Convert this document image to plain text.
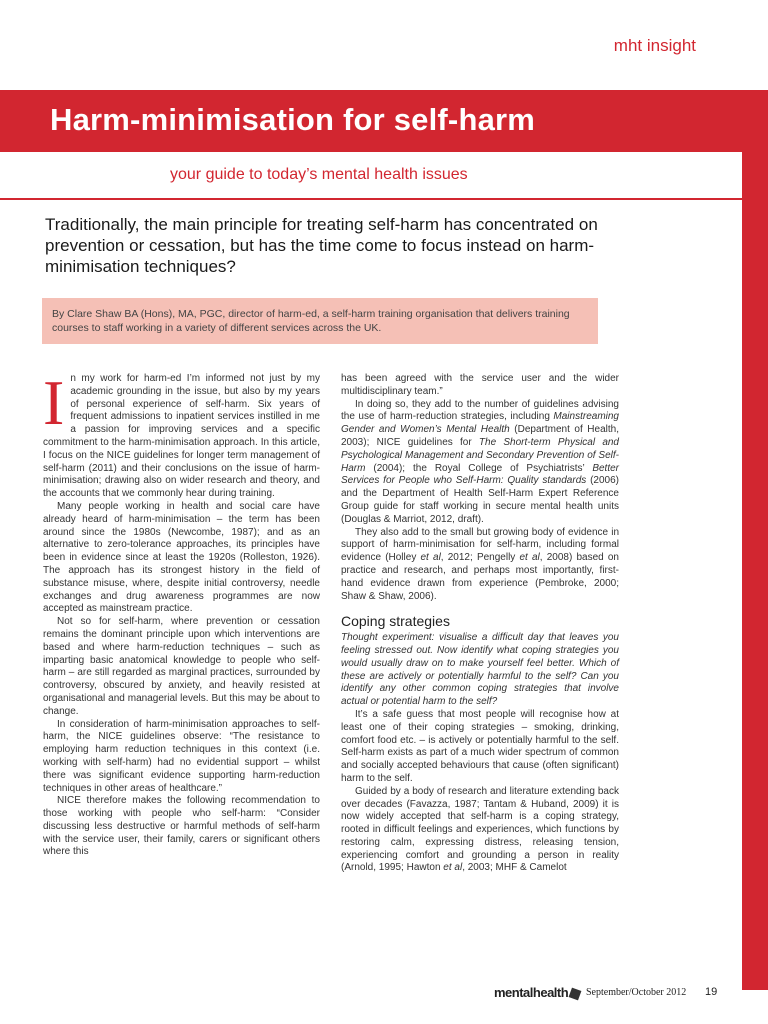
mht insight
Harm-minimisation for self-harm
your guide to today’s mental health issues
Traditionally, the main principle for treating self-harm has concentrated on prevention or cessation, but has the time come to focus instead on harm-minimisation techniques?
By Clare Shaw BA (Hons), MA, PGC, director of harm-ed, a self-harm training organisation that delivers training courses to staff working in a variety of different services across the UK.
I n my work for harm-ed I’m informed not just by my academic grounding in the issue, but also by my years of personal experience of self-harm. Six years of frequent admissions to inpatient services instilled in me a passion for improving services and a specific commitment to the harm-minimisation approach. In this article, I focus on the NICE guidelines for longer term management of self-harm (2011) and their conclusions on the issue of harm-minimisation; drawing also on wider research and theory, and the accounts that we commonly hear during training.

Many people working in health and social care have already heard of harm-minimisation – the term has been around since the 1980s (Newcombe, 1987); and as an alternative to zero-tolerance approaches, its principles have been in evidence since at least the 1920s (Rolleston, 1926). The approach has its strongest history in the field of substance misuse, where, despite initial controversy, needle exchanges and drug awareness programmes are now accepted as mainstream practice.

Not so for self-harm, where prevention or cessation remains the dominant principle upon which interventions are based and where harm-reduction techniques – such as imparting basic anatomical knowledge to people who self-harm – are still regarded as marginal practices, surrounded by controversy, obscured by anxiety, and heavily resisted at organisational and managerial levels. But this may be about to change.

In consideration of harm-minimisation approaches to self-harm, the NICE guidelines observe: “The resistance to employing harm reduction techniques in this context (i.e. working with self-harm) had no evidential support – whilst there was significant evidence supporting harm-reduction techniques in other areas of healthcare.”

NICE therefore makes the following recommendation to those working with people who self-harm: “Consider discussing less destructive or harmful methods of self-harm with the service user, their family, carers or significant others where this

has been agreed with the service user and the wider multidisciplinary team.”

In doing so, they add to the number of guidelines advising the use of harm-reduction strategies, including Mainstreaming Gender and Women’s Mental Health (Department of Health, 2003); NICE guidelines for The Short-term Physical and Psychological Management and Secondary Prevention of Self-Harm (2004); the Royal College of Psychiatrists’ Better Services for People who Self-Harm: Quality standards (2006) and the Department of Health Self-Harm Expert Reference Group guide for staff working in secure mental health units (Douglas & Marriot, 2012, draft).

They also add to the small but growing body of evidence in support of harm-minimisation for self-harm, including formal evidence (Holley et al, 2012; Pengelly et al, 2008) based on practice and research, and perhaps most importantly, first-hand evidence drawn from experience (Pembroke, 2000; Shaw & Shaw, 2006).

Coping strategies

Thought experiment: visualise a difficult day that leaves you feeling stressed out. Now identify what coping strategies you would usually draw on to make yourself feel better. Which of these are actively or potentially harmful to the self? Can you identify any other common coping strategies that involve actual or potential harm to the self?

It’s a safe guess that most people will recognise how at least one of their coping strategies – smoking, drinking, comfort food etc. – is actively or potentially harmful to the self. Self-harm exists as part of a much wider spectrum of common and socially accepted behaviours that cause (often significant) harm to the self.

Guided by a body of research and literature extending back over decades (Favazza, 1987; Tantam & Huband, 2009) it is now widely accepted that self-harm is a coping strategy, rooted in difficult feelings and experiences, which functions by restoring calm, expressing distress, releasing tension, experiencing comfort and grounding a person in reality (Arnold, 1995; Hawton et al, 2003; MHF & Camelot

mentalhealth	September/October 2012 19
